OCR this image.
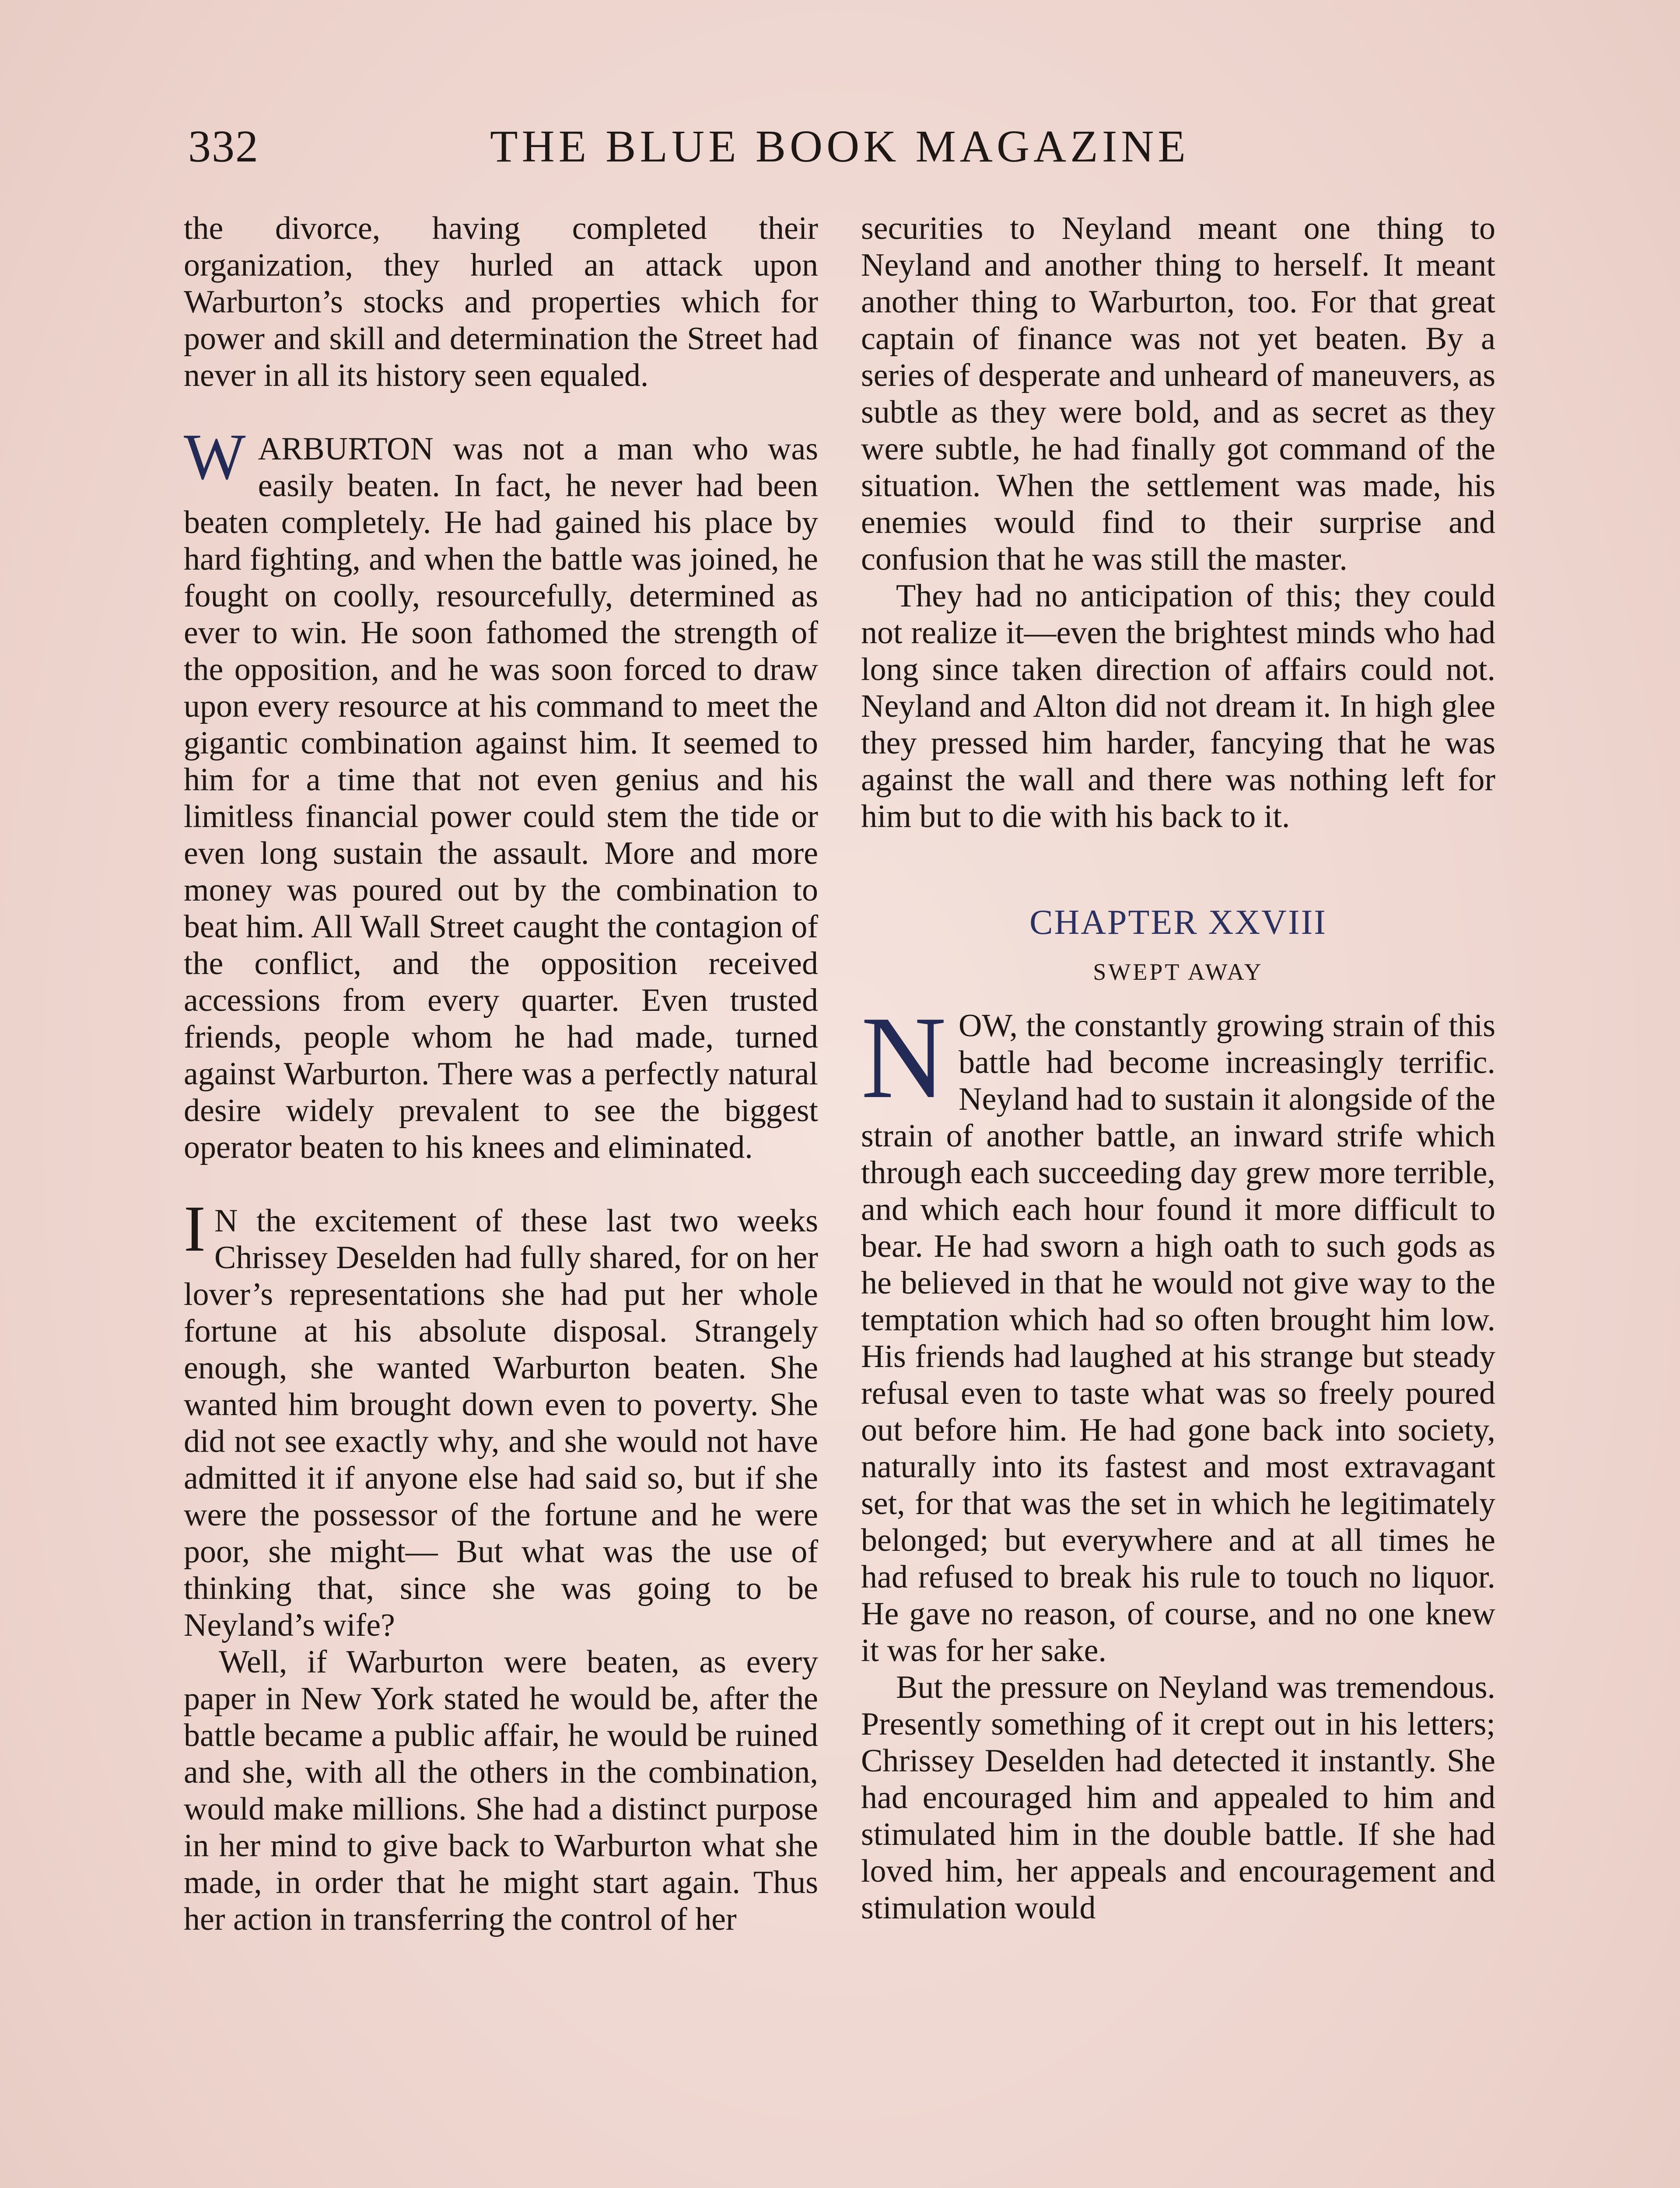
332	THE BLUE BOOK MAGAZINE

the divorce, having completed their organization, they hurled an attack upon Warburton’s stocks and properties which for power and skill and determination the Street had never in all its history seen equaled.

WARBURTON was not a man who was easily beaten. In fact, he never had been beaten completely. He had gained his place by hard fighting, and when the battle was joined, he fought on coolly, resourcefully, determined as ever to win. He soon fathomed the strength of the opposition, and he was soon forced to draw upon every resource at his command to meet the gigantic combination against him. It seemed to him for a time that not even genius and his limitless financial power could stem the tide or even long sustain the assault. More and more money was poured out by the combination to beat him. All Wall Street caught the contagion of the conflict, and the opposition received accessions from every quarter. Even trusted friends, people whom he had made, turned against Warburton. There was a perfectly natural desire widely prevalent to see the biggest operator beaten to his knees and eliminated.

I N the excitement of these last two weeks Chrissey Deselden had fully shared, for on her lover’s representations she had put her whole fortune at his absolute disposal. Strangely enough, she wanted Warburton beaten. She wanted him brought down even to poverty. She did not see exactly why, and she would not have admitted it if anyone else had said so, but if she were the possessor of the fortune and he were poor, she might— But what was the use of thinking that, since she was going to be Neyland’s wife?

Well, if Warburton were beaten, as every paper in New York stated he would be, after the battle became a public affair, he would be ruined and she, with all the others in the combination, would make millions. She had a distinct purpose in her mind to give back to Warburton what she made, in order that he might start again. Thus her action in transferring the control of her

securities to Neyland meant one thing to Neyland and another thing to herself. It meant another thing to Warburton, too. For that great captain of finance was not yet beaten. By a series of desperate and unheard of maneuvers, as subtle as they were bold, and as secret as they were subtle, he had finally got command of the situation. When the settlement was made, his enemies would find to their surprise and confusion that he was still the master.

They had no anticipation of this; they could not realize it—even the brightest minds who had long since taken direction of affairs could not. Neyland and Alton did not dream it. In high glee they pressed him harder, fancying that he was against the wall and there was nothing left for him but to die with his back to it.

CHAPTER XXVIII
SWEPT AWAY

NOW, the constantly growing strain of this battle had become increasingly terrific. Neyland had to sustain it alongside of the strain of another battle, an inward strife which through each succeeding day grew more terrible, and which each hour found it more difficult to bear. He had sworn a high oath to such gods as he believed in that he would not give way to the temptation which had so often brought him low. His friends had laughed at his strange but steady refusal even to taste what was so freely poured out before him. He had gone back into society, naturally into its fastest and most extravagant set, for that was the set in which he legitimately belonged; but everywhere and at all times he had refused to break his rule to touch no liquor. He gave no reason, of course, and no one knew it was for her sake.

But the pressure on Neyland was tremendous. Presently something of it crept out in his letters; Chrissey Deselden had detected it instantly. She had encouraged him and appealed to him and stimulated him in the double battle. If she had loved him, her appeals and encouragement and stimulation would
